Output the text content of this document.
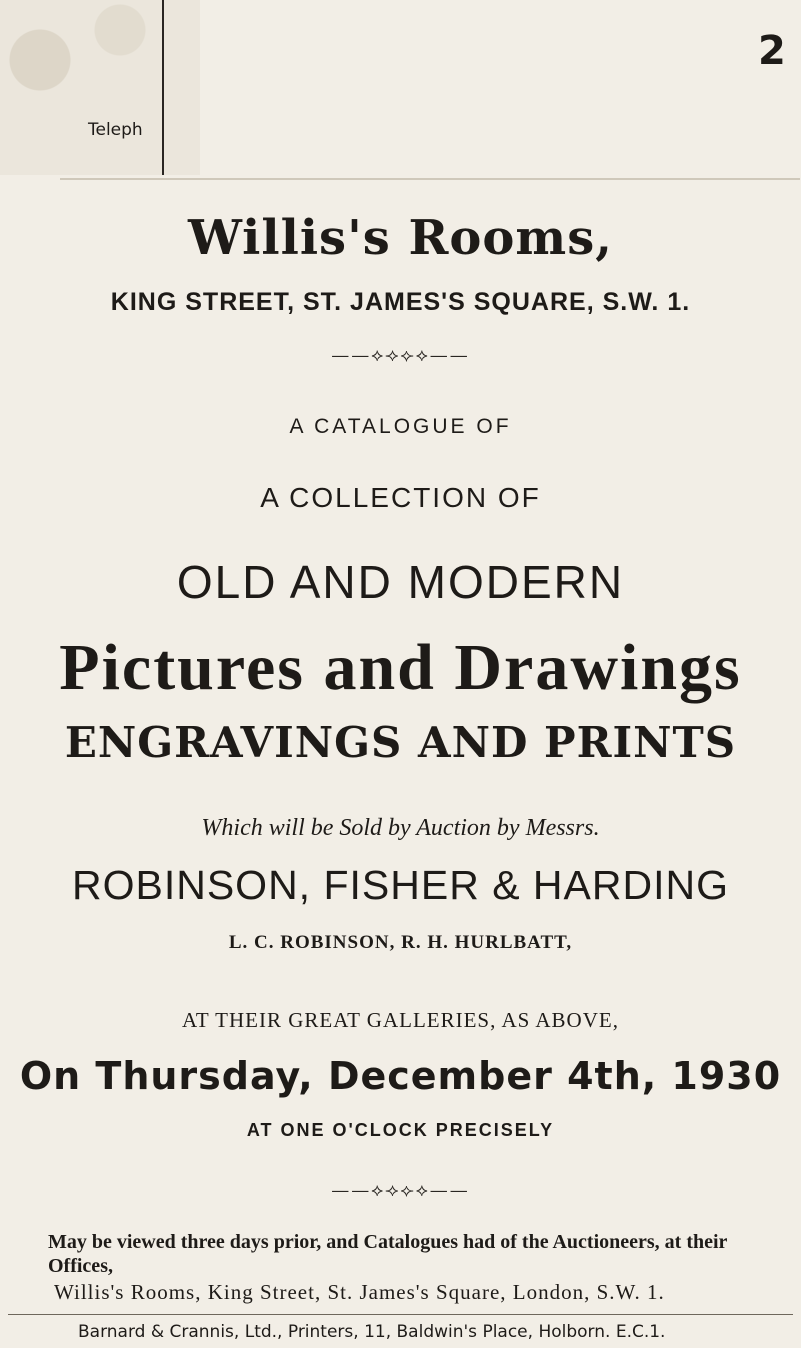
Teleph
2
Willis's Rooms,
KING STREET, ST. JAMES'S SQUARE, S.W. 1.
——⟡⟢⟣⟡——
A CATALOGUE OF
A COLLECTION OF
OLD AND MODERN
Pictures and Drawings
ENGRAVINGS AND PRINTS
Which will be Sold by Auction by Messrs.
ROBINSON, FISHER & HARDING
L. C. ROBINSON, R. H. HURLBATT,
AT THEIR GREAT GALLERIES, AS ABOVE,
On Thursday, December 4th, 1930
AT ONE O'CLOCK PRECISELY
——⟡⟢⟣⟡——
May be viewed three days prior, and Catalogues had of the Auctioneers, at their Offices,
Willis's Rooms, King Street, St. James's Square, London, S.W. 1.
Barnard & Crannis, Ltd., Printers, 11, Baldwin's Place, Holborn. E.C.1.
